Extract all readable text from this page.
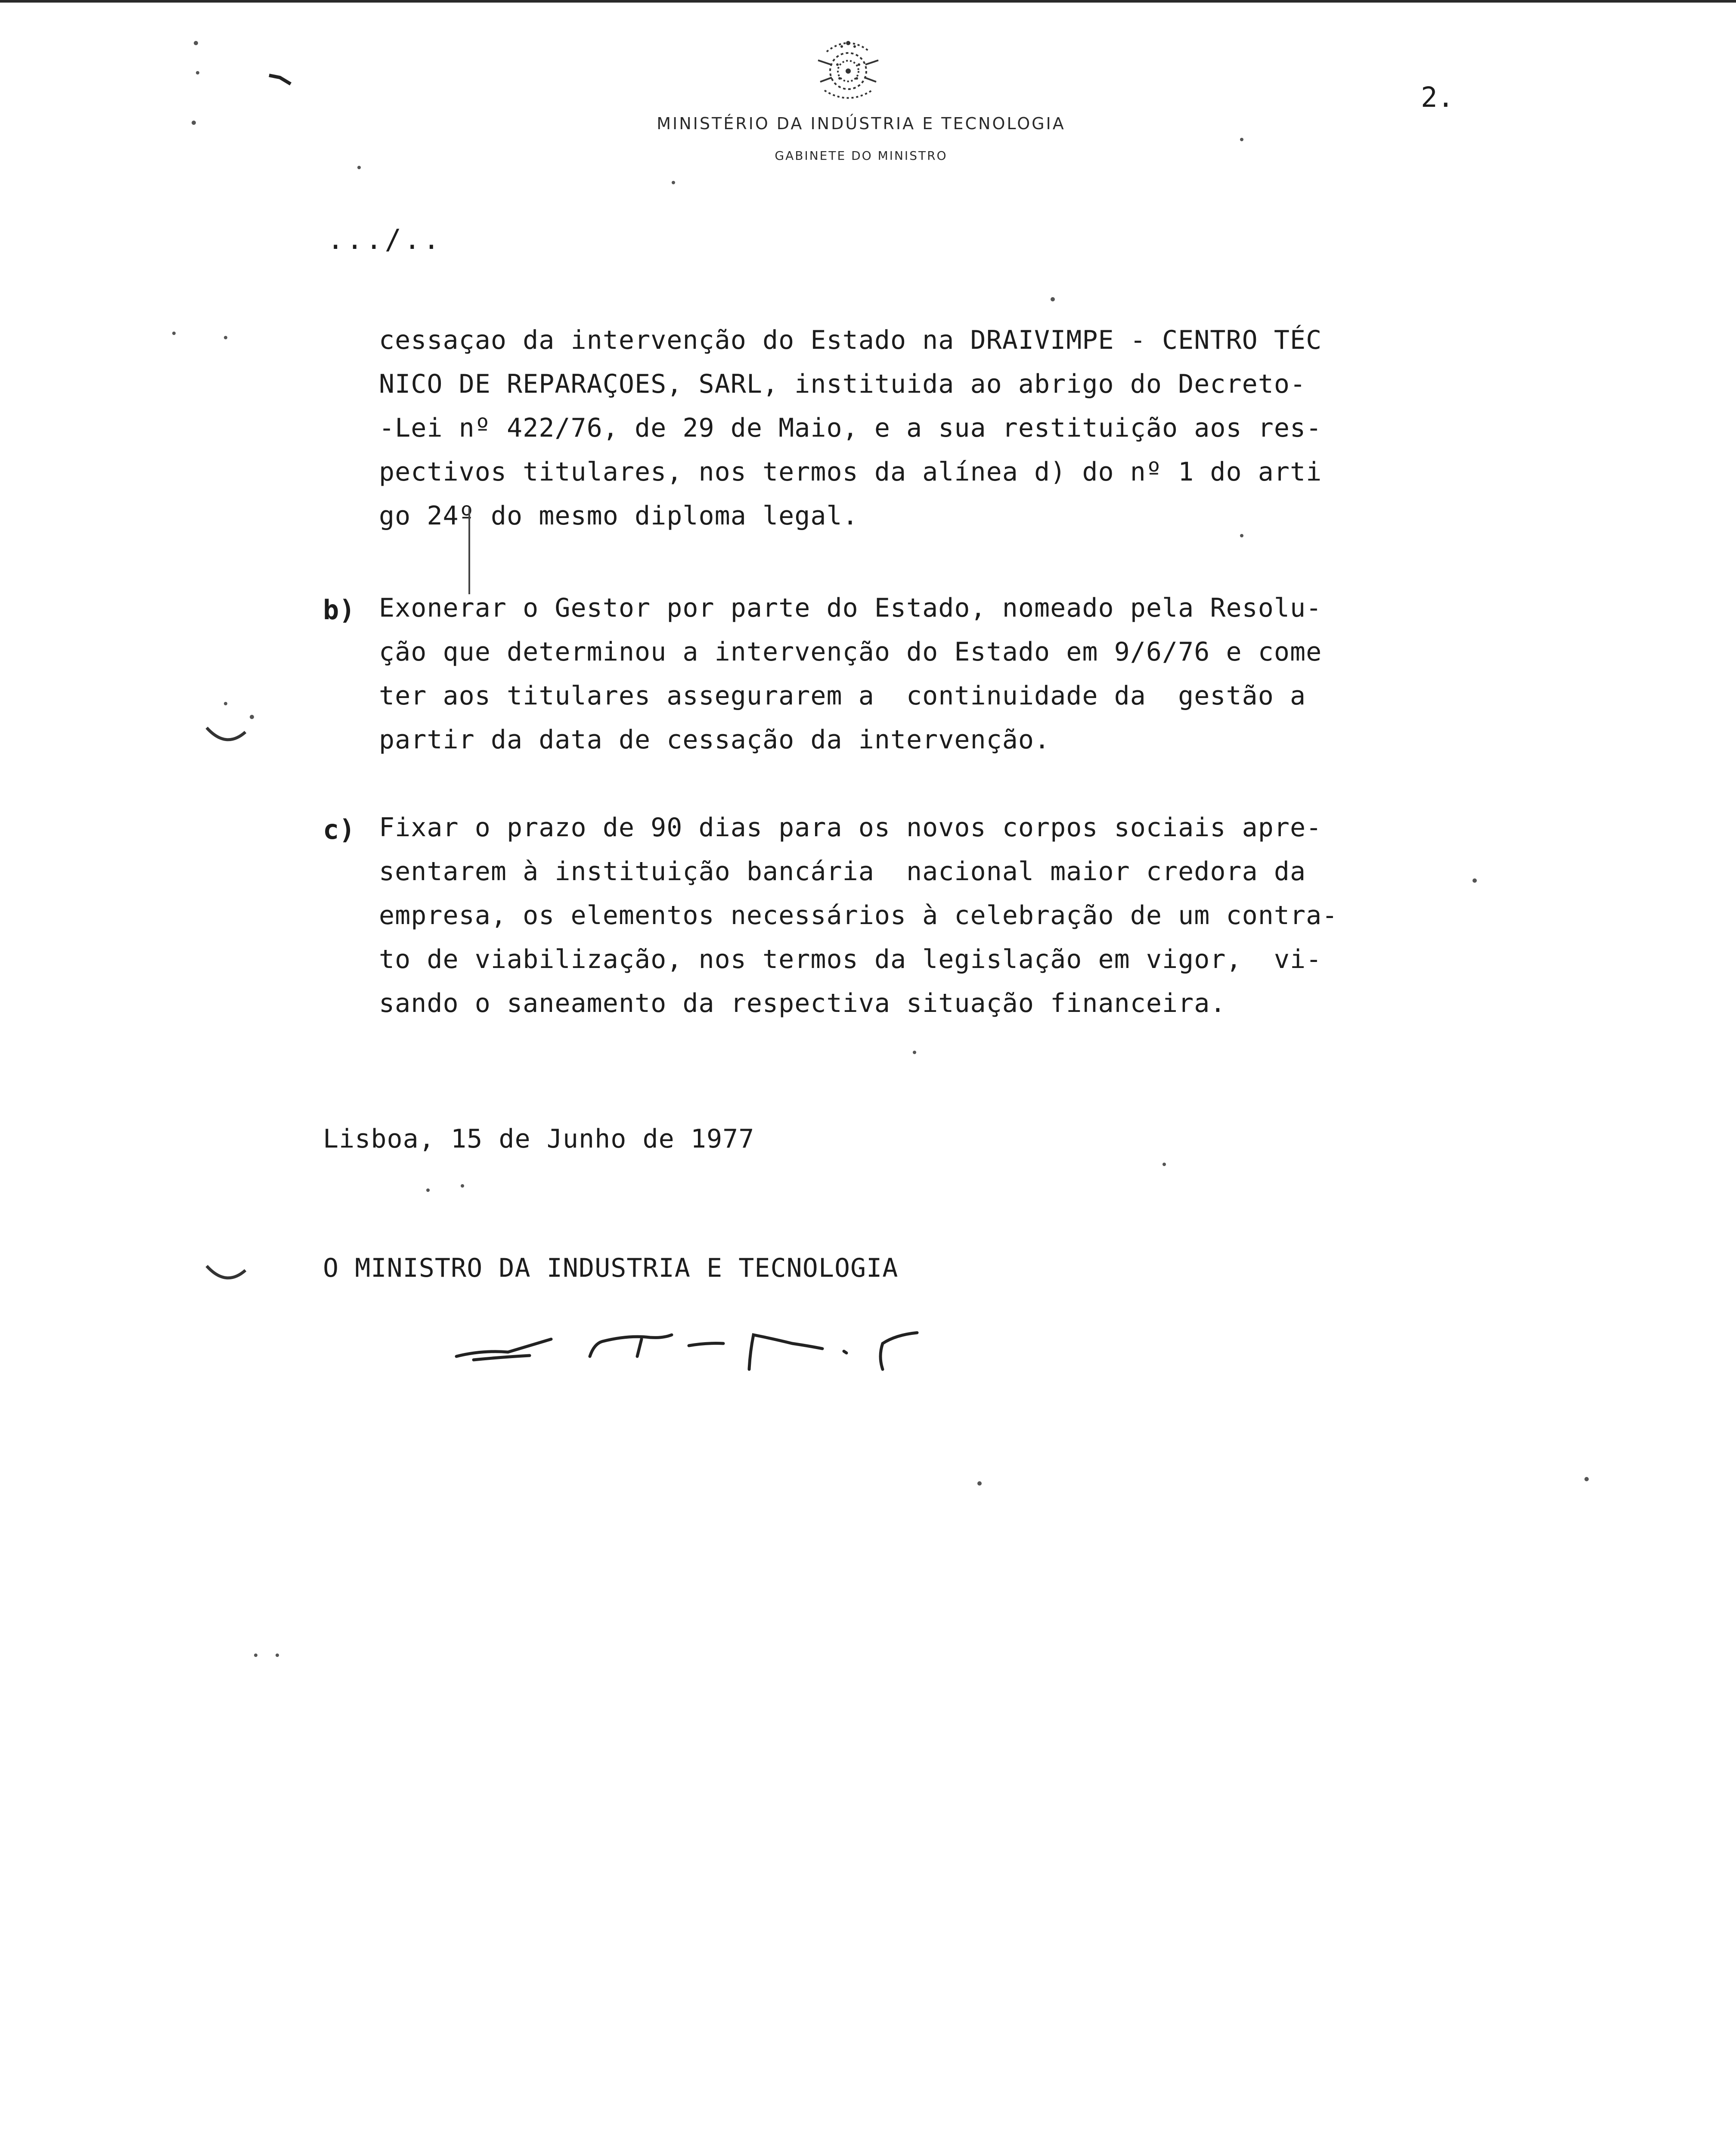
MINISTÉRIO DA INDÚSTRIA E TECNOLOGIA
GABINETE DO MINISTRO
2.
.../..
cessaçao da intervenção do Estado na DRAIVIMPE - CENTRO TÉC
NICO DE REPARAÇOES, SARL, instituida ao abrigo do Decreto-
-Lei nº 422/76, de 29 de Maio, e a sua restituição aos res-
pectivos titulares, nos termos da alínea d) do nº 1 do arti
go 24º do mesmo diploma legal.
b) Exonerar o Gestor por parte do Estado, nomeado pela Resolu-
ção que determinou a intervenção do Estado em 9/6/76 e come
ter aos titulares assegurarem a  continuidade da  gestão a
partir da data de cessação da intervenção.
c) Fixar o prazo de 90 dias para os novos corpos sociais apre-
sentarem à instituição bancária  nacional maior credora da
empresa, os elementos necessários à celebração de um contra-
to de viabilização, nos termos da legislação em vigor,  vi-
sando o saneamento da respectiva situação financeira.
Lisboa, 15 de Junho de 1977
O MINISTRO DA INDUSTRIA E TECNOLOGIA
